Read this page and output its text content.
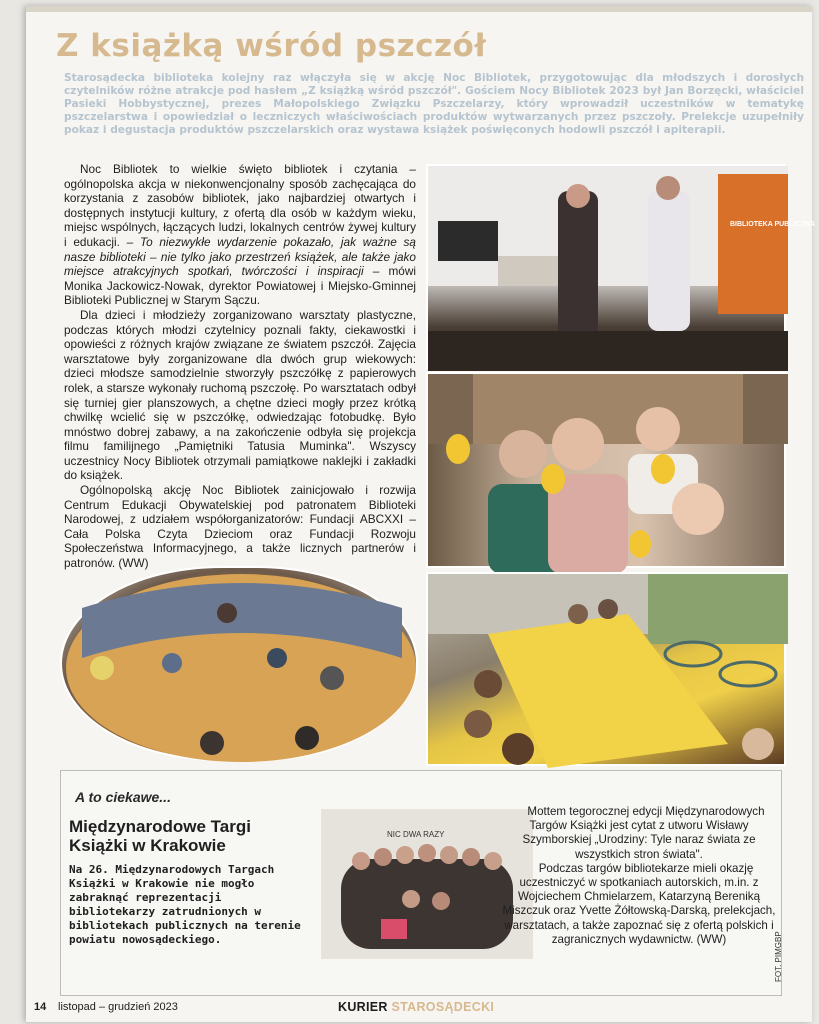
Z książką wśród pszczół
Starosądecka biblioteka kolejny raz włączyła się w akcję Noc Bibliotek, przygotowując dla młodszych i dorosłych czytelników różne atrakcje pod hasłem „Z książką wśród pszczół". Gościem Nocy Bibliotek 2023 był Jan Borzęcki, właściciel Pasieki Hobbystycznej, prezes Małopolskiego Związku Pszczelarzy, który wprowadził uczestników w tematykę pszczelarstwa i opowiedział o leczniczych właściwościach produktów wytwarzanych przez pszczoły. Prelekcje uzupełniły pokaz i degustacja produktów pszczelarskich oraz wystawa książek poświęconych hodowli pszczół i apiterapii.

Noc Bibliotek to wielkie święto bibliotek i czytania – ogólnopolska akcja w niekonwencjonalny sposób zachęcająca do korzystania z zasobów bibliotek, jako najbardziej otwartych i dostępnych instytucji kultury, z ofertą dla osób w każdym wieku, miejsc wspólnych, łączących ludzi, lokalnych centrów żywej kultury i edukacji. – To niezwykłe wydarzenie pokazało, jak ważne są nasze biblioteki – nie tylko jako przestrzeń książek, ale także jako miejsce atrakcyjnych spotkań, twórczości i inspiracji – mówi Monika Jackowicz-Nowak, dyrektor Powiatowej i Miejsko-Gminnej Biblioteki Publicznej w Starym Sączu.

Dla dzieci i młodzieży zorganizowano warsztaty plastyczne, podczas których młodzi czytelnicy poznali fakty, ciekawostki i opowieści z różnych krajów związane ze światem pszczół. Zajęcia warsztatowe były zorganizowane dla dwóch grup wiekowych: dzieci młodsze samodzielnie stworzyły pszczółkę z papierowych rolek, a starsze wykonały ruchomą pszczołę. Po warsztatach odbył się turniej gier planszowych, a chętne dzieci mogły przez krótką chwilkę wcielić się w pszczółkę, odwiedzając fotobudkę. Było mnóstwo dobrej zabawy, a na zakończenie odbyła się projekcja filmu familijnego „Pamiętniki Tatusia Muminka". Wszyscy uczestnicy Nocy Bibliotek otrzymali pamiątkowe naklejki i zakładki do książek.

Ogólnopolską akcję Noc Bibliotek zainicjowało i rozwija Centrum Edukacji Obywatelskiej pod patronatem Biblioteki Narodowej, z udziałem współorganizatorów: Fundacji ABCXXI – Cała Polska Czyta Dzieciom oraz Fundacji Rozwoju Społeczeństwa Informacyjnego, a także licznych partnerów i patronów. (WW)

BIBLIOTEKA PUBLICZNA
A to ciekawe...
Międzynarodowe Targi Książki w Krakowie
Na 26. Międzynarodowych Targach Książki w Krakowie nie mogło zabraknąć reprezentacji bibliotekarzy zatrudnionych w bibliotekach publicznych na terenie powiatu nowosądeckiego.
NIC DWA RAZY

Mottem tegorocznej edycji Międzynarodowych Targów Książki jest cytat z utworu Wisławy Szymborskiej „Urodziny: Tyle naraz świata ze wszystkich stron świata".

Podczas targów bibliotekarze mieli okazję uczestniczyć w spotkaniach autorskich, m.in. z Wojciechem Chmielarzem, Katarzyną Bereniką Miszczuk oraz Yvette Żółtowską-Darską, prelekcjach, warsztatach, a także zapoznać się z ofertą polskich i zagranicznych wydawnictw. (WW)	FOT. PIMGBP
14 listopad – grudzień 2023	KURIER STAROSĄDECKI
